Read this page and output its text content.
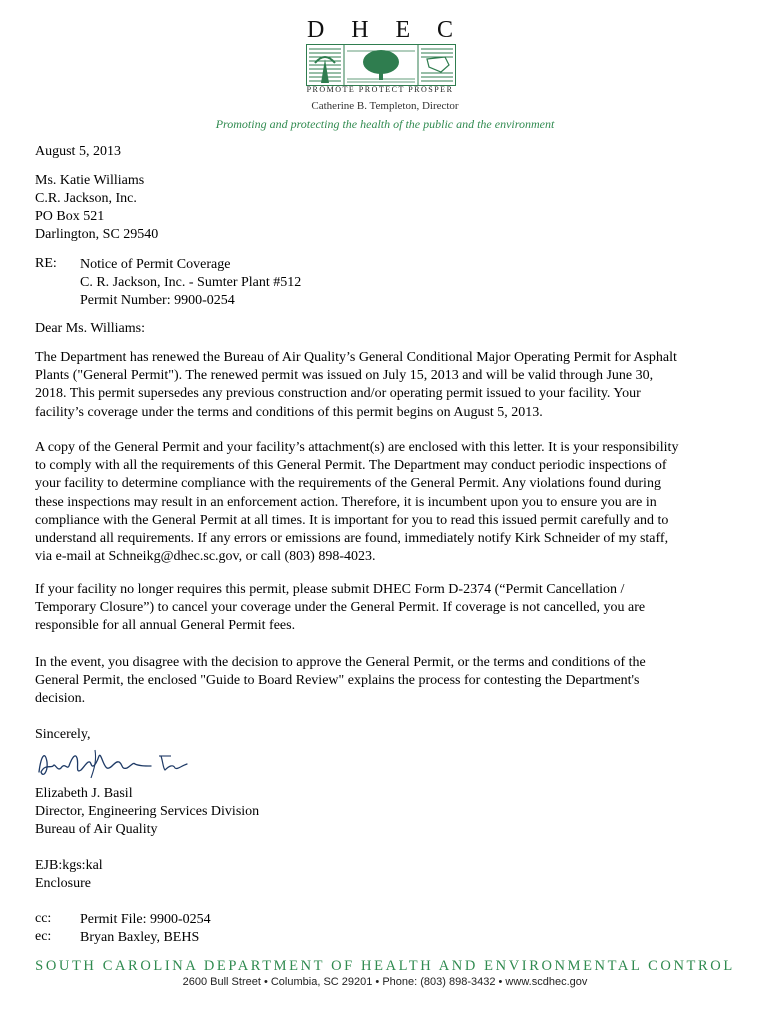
D H E C
PROMOTE PROTECT PROSPER
Catherine B. Templeton, Director
Promoting and protecting the health of the public and the environment
August 5, 2013
Ms. Katie Williams
C.R. Jackson, Inc.
PO Box 521
Darlington, SC 29540
RE: Notice of Permit Coverage
C. R. Jackson, Inc. - Sumter Plant #512
Permit Number: 9900-0254
Dear Ms. Williams:
The Department has renewed the Bureau of Air Quality’s General Conditional Major Operating Permit for Asphalt
Plants ("General Permit"). The renewed permit was issued on July 15, 2013 and will be valid through June 30,
2018. This permit supersedes any previous construction and/or operating permit issued to your facility. Your
facility’s coverage under the terms and conditions of this permit begins on August 5, 2013.
A copy of the General Permit and your facility’s attachment(s) are enclosed with this letter. It is your responsibility
to comply with all the requirements of this General Permit. The Department may conduct periodic inspections of
your facility to determine compliance with the requirements of the General Permit. Any violations found during
these inspections may result in an enforcement action. Therefore, it is incumbent upon you to ensure you are in
compliance with the General Permit at all times. It is important for you to read this issued permit carefully and to
understand all requirements. If any errors or emissions are found, immediately notify Kirk Schneider of my staff,
via e-mail at Schneikg@dhec.sc.gov, or call (803) 898-4023.
If your facility no longer requires this permit, please submit DHEC Form D-2374 (“Permit Cancellation /
Temporary Closure”) to cancel your coverage under the General Permit. If coverage is not cancelled, you are
responsible for all annual General Permit fees.
In the event, you disagree with the decision to approve the General Permit, or the terms and conditions of the
General Permit, the enclosed "Guide to Board Review" explains the process for contesting the Department's
decision.
Sincerely,
Elizabeth J. Basil
Director, Engineering Services Division
Bureau of Air Quality
EJB:kgs:kal
Enclosure
cc: Permit File: 9900-0254
ec: Bryan Baxley, BEHS
SOUTH CAROLINA DEPARTMENT OF HEALTH AND ENVIRONMENTAL CONTROL
2600 Bull Street • Columbia, SC 29201 • Phone: (803) 898-3432 • www.scdhec.gov
